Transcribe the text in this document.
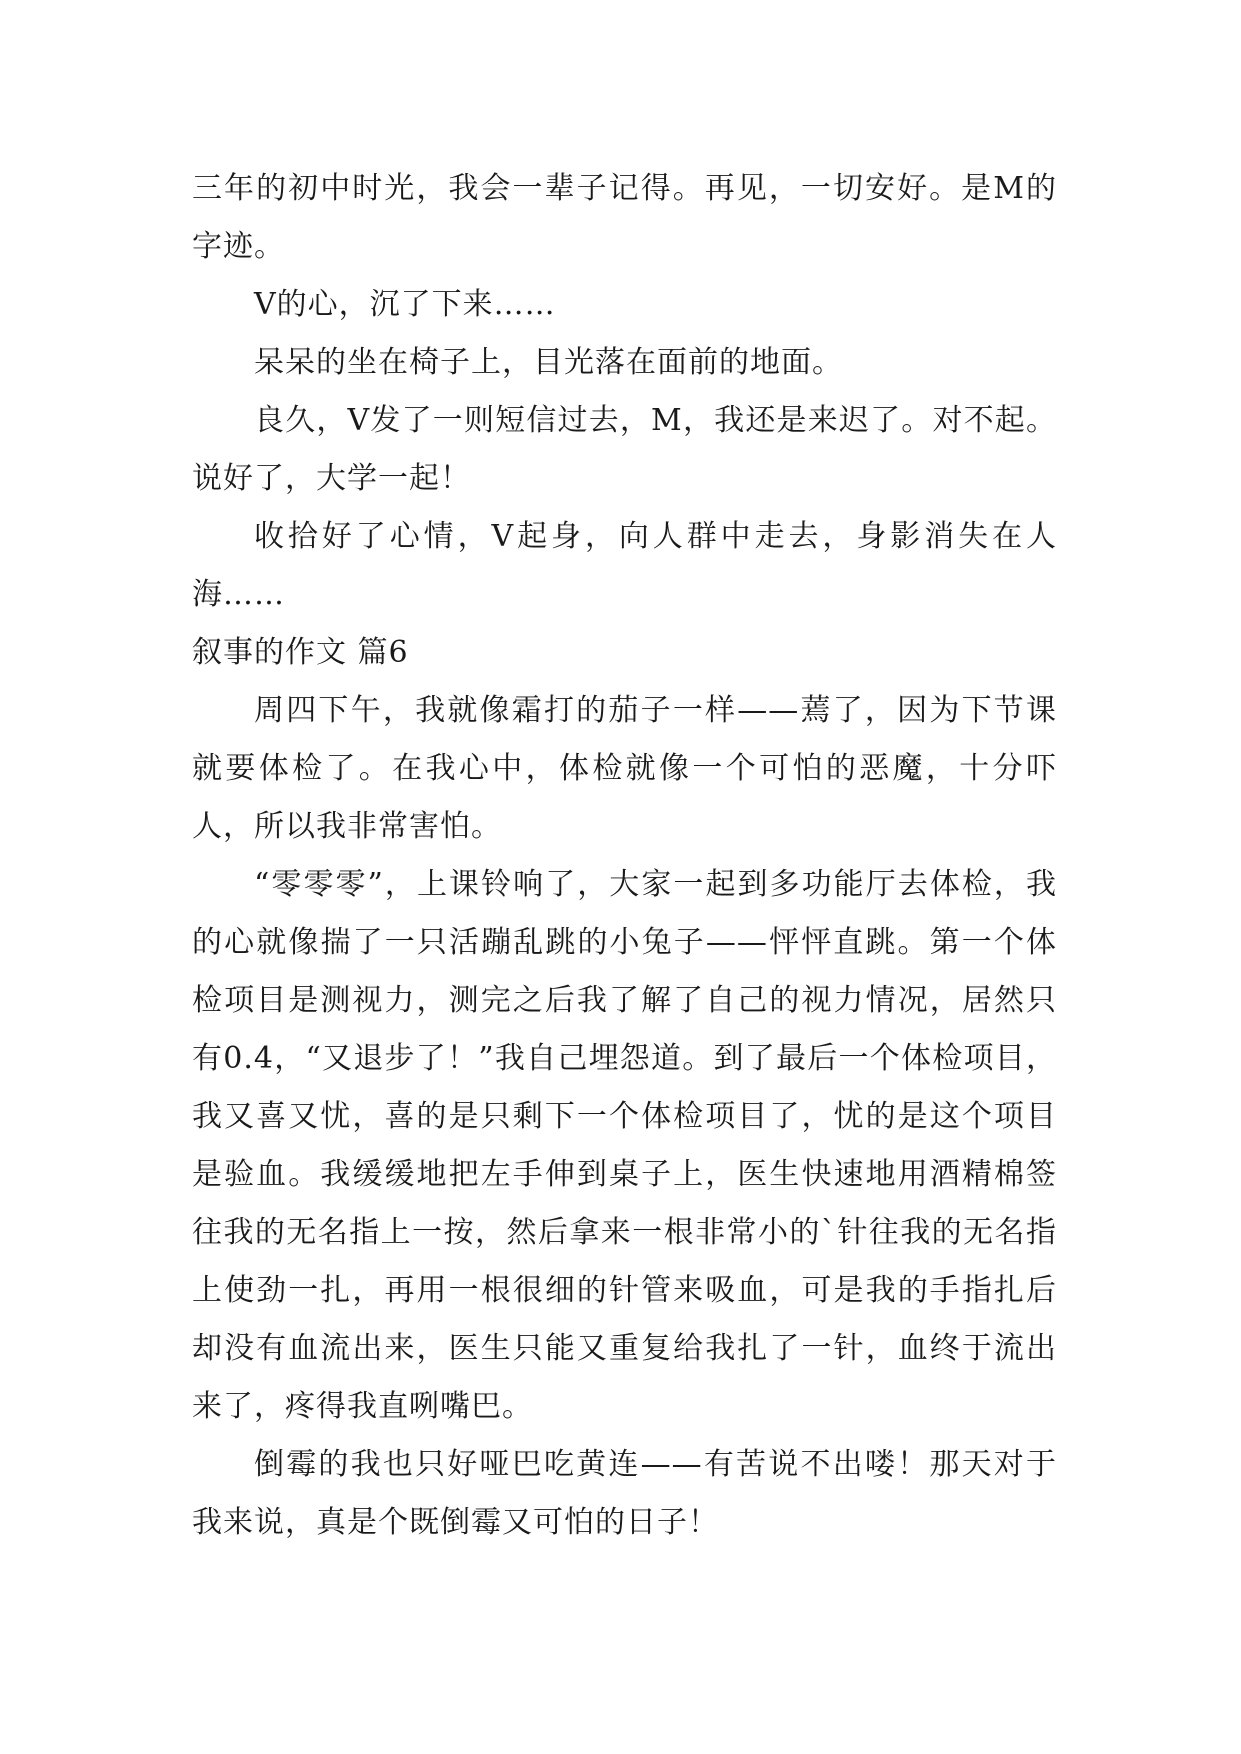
三年的初中时光，我会一辈子记得。再见，一切安好。是M的字迹。

V的心，沉了下来……

呆呆的坐在椅子上，目光落在面前的地面。

良久，V发了一则短信过去，M，我还是来迟了。对不起。说好了，大学一起！

收拾好了心情，V起身，向人群中走去，身影消失在人海……

叙事的作文 篇6

周四下午，我就像霜打的茄子一样——蔫了，因为下节课就要体检了。在我心中，体检就像一个可怕的恶魔，十分吓人，所以我非常害怕。

“零零零”，上课铃响了，大家一起到多功能厅去体检，我的心就像揣了一只活蹦乱跳的小兔子——怦怦直跳。第一个体检项目是测视力，测完之后我了解了自己的视力情况，居然只有0.4，“又退步了！”我自己埋怨道。到了最后一个体检项目，我又喜又忧，喜的是只剩下一个体检项目了，忧的是这个项目是验血。我缓缓地把左手伸到桌子上，医生快速地用酒精棉签往我的无名指上一按，然后拿来一根非常小的`针往我的无名指上使劲一扎，再用一根很细的针管来吸血，可是我的手指扎后却没有血流出来，医生只能又重复给我扎了一针，血终于流出来了，疼得我直咧嘴巴。

倒霉的我也只好哑巴吃黄连——有苦说不出喽！那天对于我来说，真是个既倒霉又可怕的日子！
